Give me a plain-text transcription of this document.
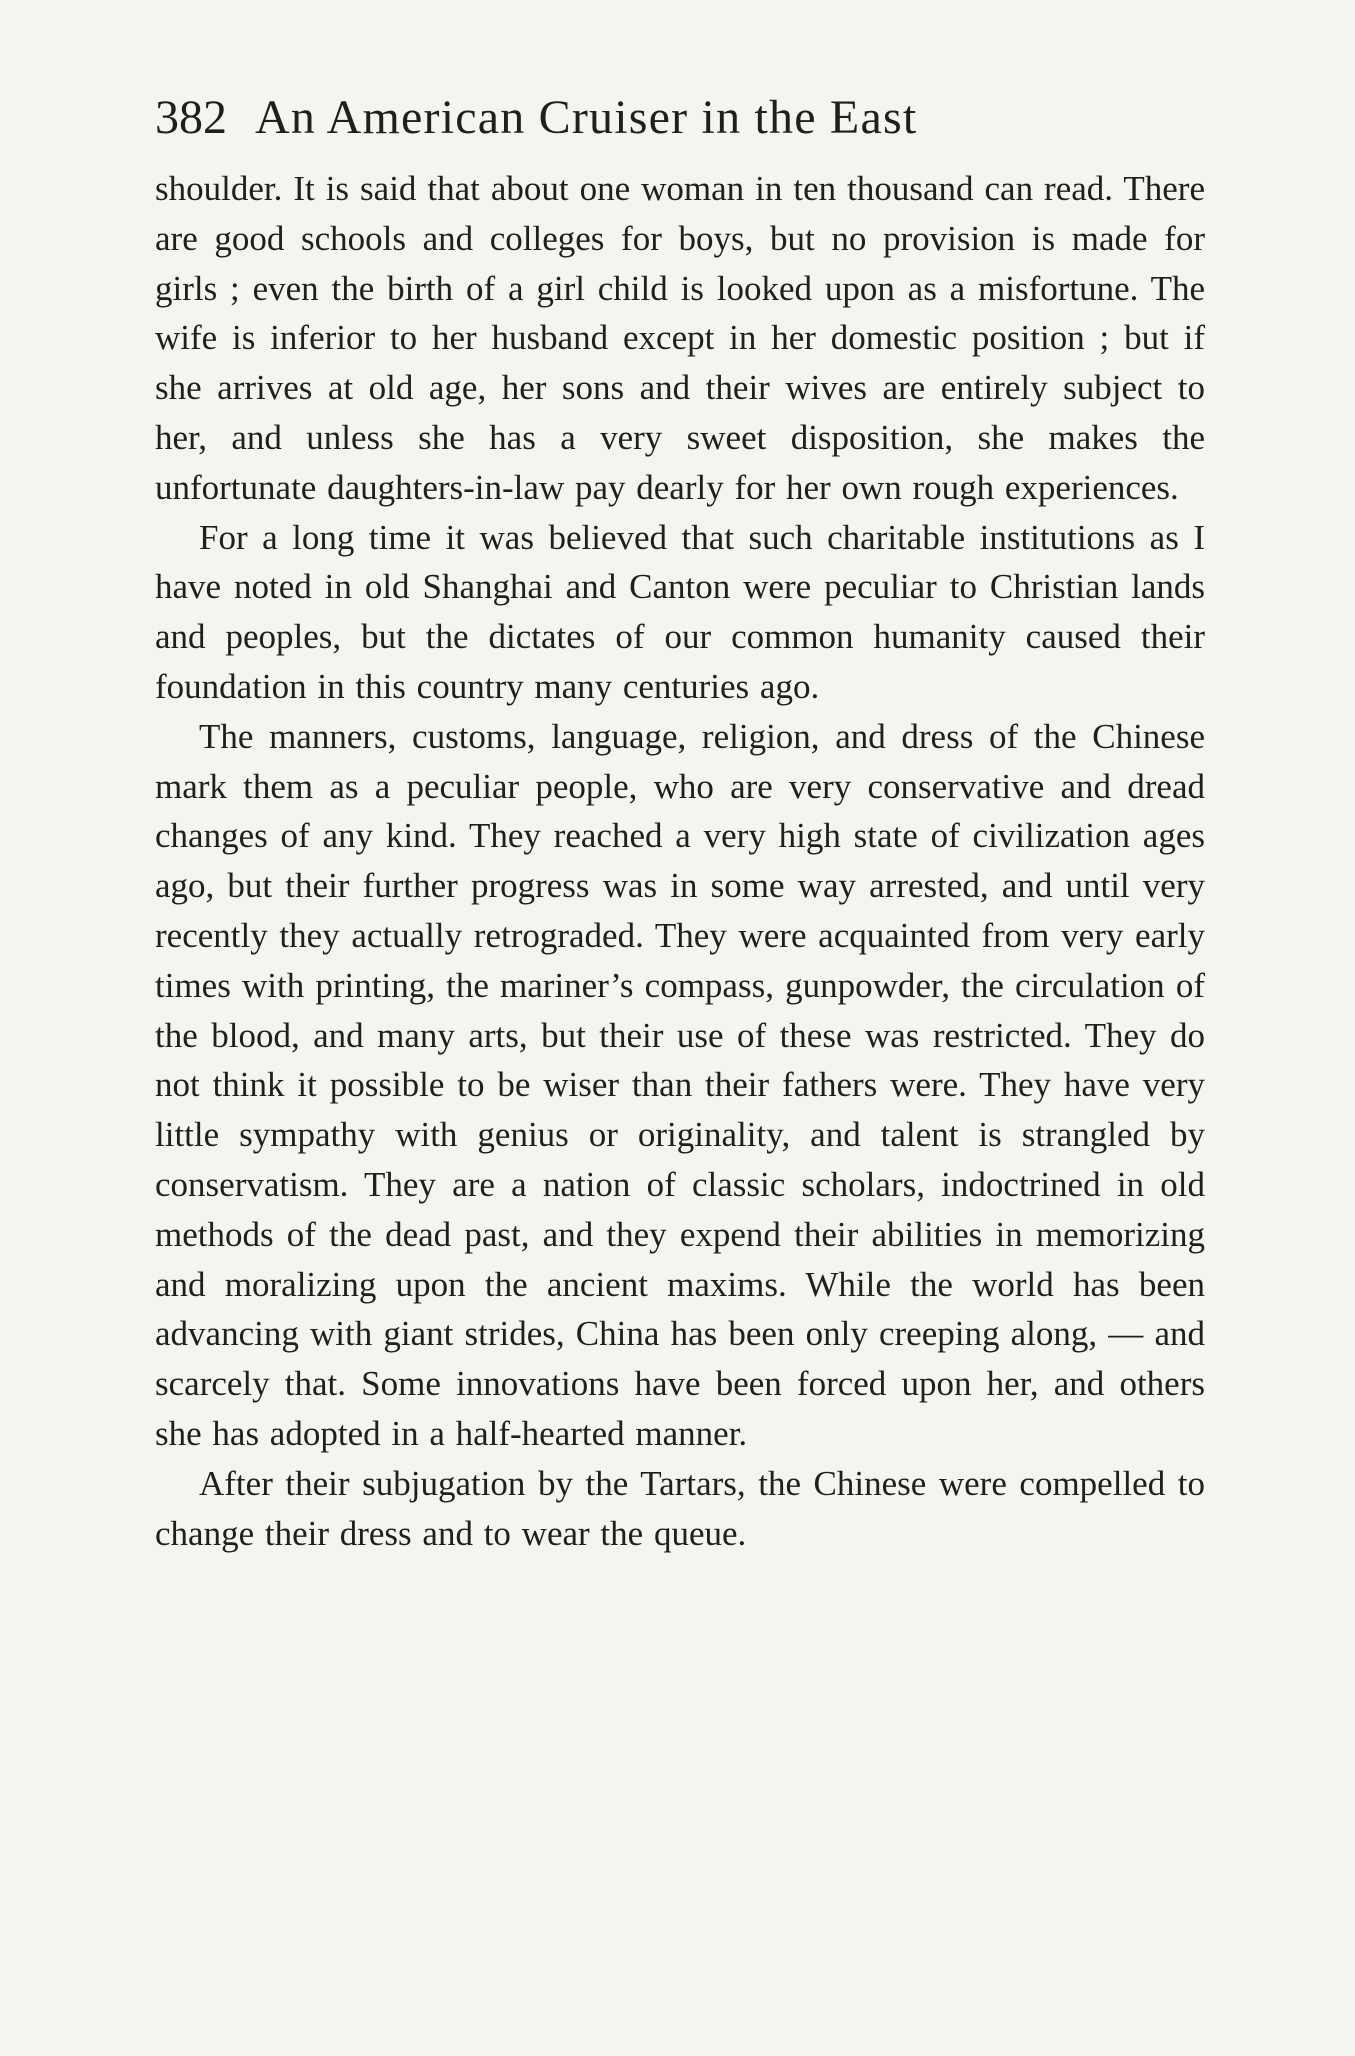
382 An American Cruiser in the East

shoulder. It is said that about one woman in ten thousand can read. There are good schools and colleges for boys, but no provision is made for girls ; even the birth of a girl child is looked upon as a misfortune. The wife is inferior to her husband except in her domestic position ; but if she arrives at old age, her sons and their wives are entirely subject to her, and unless she has a very sweet disposition, she makes the unfortunate daughters-in-law pay dearly for her own rough experiences.

For a long time it was believed that such charitable institutions as I have noted in old Shanghai and Canton were peculiar to Christian lands and peoples, but the dictates of our common humanity caused their foundation in this country many centuries ago.

The manners, customs, language, religion, and dress of the Chinese mark them as a peculiar people, who are very conservative and dread changes of any kind. They reached a very high state of civilization ages ago, but their further progress was in some way arrested, and until very recently they actually retrograded. They were acquainted from very early times with printing, the mariner’s compass, gunpowder, the circulation of the blood, and many arts, but their use of these was restricted. They do not think it possible to be wiser than their fathers were. They have very little sympathy with genius or originality, and talent is strangled by conservatism. They are a nation of classic scholars, indoctrined in old methods of the dead past, and they expend their abilities in memorizing and moralizing upon the ancient maxims. While the world has been advancing with giant strides, China has been only creeping along, — and scarcely that. Some innovations have been forced upon her, and others she has adopted in a half-hearted manner.

After their subjugation by the Tartars, the Chinese were compelled to change their dress and to wear the queue.
